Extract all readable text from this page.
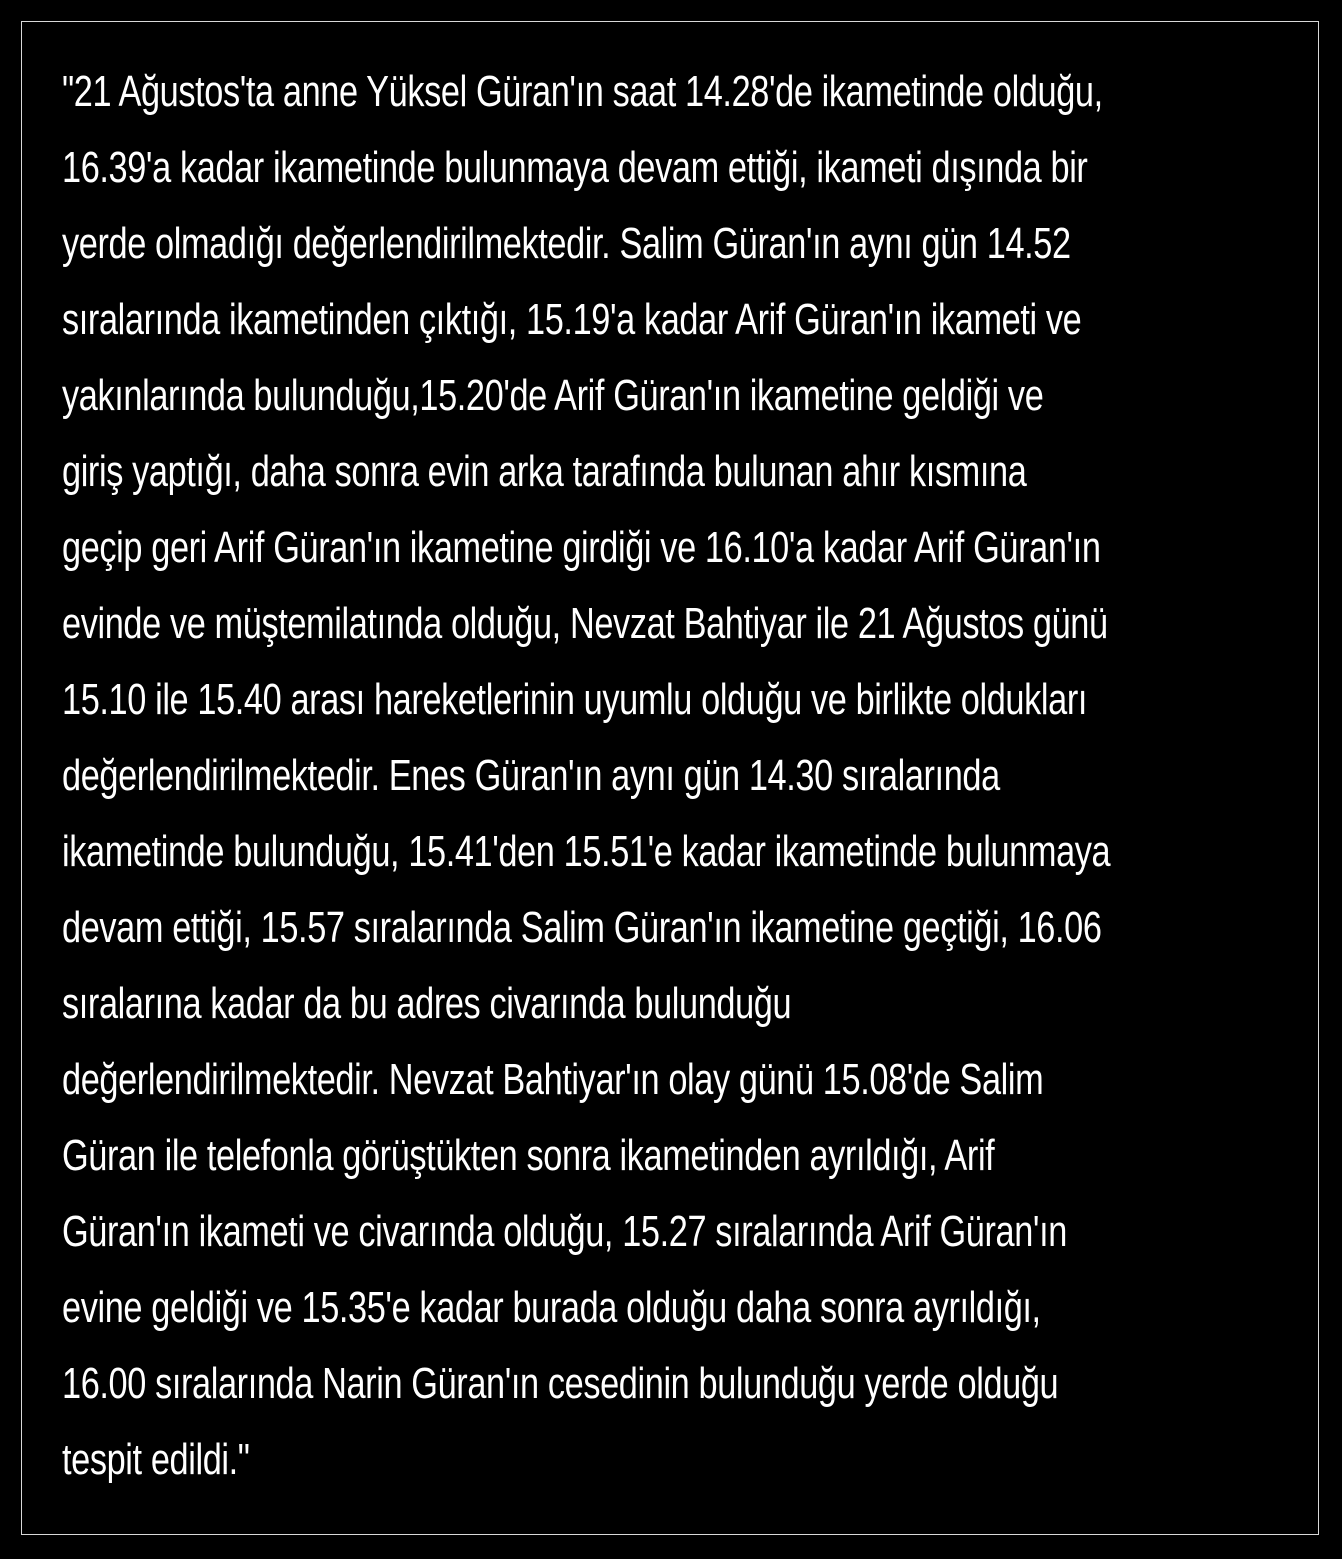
"21 Ağustos'ta anne Yüksel Güran'ın saat 14.28'de ikametinde olduğu,
16.39'a kadar ikametinde bulunmaya devam ettiği, ikameti dışında bir
yerde olmadığı değerlendirilmektedir. Salim Güran'ın aynı gün 14.52
sıralarında ikametinden çıktığı, 15.19'a kadar Arif Güran'ın ikameti ve
yakınlarında bulunduğu,15.20'de Arif Güran'ın ikametine geldiği ve
giriş yaptığı, daha sonra evin arka tarafında bulunan ahır kısmına
geçip geri Arif Güran'ın ikametine girdiği ve 16.10'a kadar Arif Güran'ın
evinde ve müştemilatında olduğu, Nevzat Bahtiyar ile 21 Ağustos günü
15.10 ile 15.40 arası hareketlerinin uyumlu olduğu ve birlikte oldukları
değerlendirilmektedir. Enes Güran'ın aynı gün 14.30 sıralarında
ikametinde bulunduğu, 15.41'den 15.51'e kadar ikametinde bulunmaya
devam ettiği, 15.57 sıralarında Salim Güran'ın ikametine geçtiği, 16.06
sıralarına kadar da bu adres civarında bulunduğu
değerlendirilmektedir. Nevzat Bahtiyar'ın olay günü 15.08'de Salim
Güran ile telefonla görüştükten sonra ikametinden ayrıldığı, Arif
Güran'ın ikameti ve civarında olduğu, 15.27 sıralarında Arif Güran'ın
evine geldiği ve 15.35'e kadar burada olduğu daha sonra ayrıldığı,
16.00 sıralarında Narin Güran'ın cesedinin bulunduğu yerde olduğu
tespit edildi."
